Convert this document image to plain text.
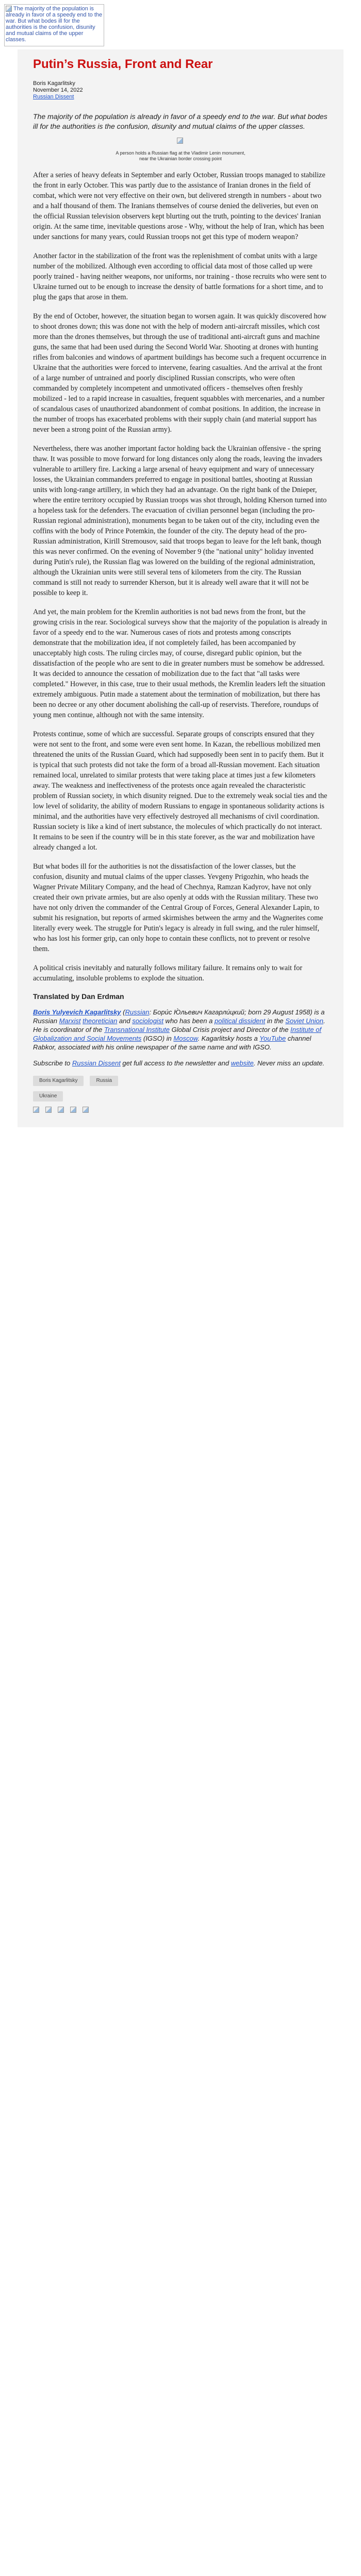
The majority of the population is already in favor of a speedy end to the war. But what bodes ill for the authorities is the confusion, disunity and mutual claims of the upper classes.
Putin’s Russia, Front and Rear
Boris Kagarlitsky
November 14, 2022
Russian Dissent

The majority of the population is already in favor of a speedy end to the war. But what bodes ill for the authorities is the confusion, disunity and mutual claims of the upper classes.

A person holds a Russian flag at the Vladimir Lenin monument, near the Ukrainian border crossing point

After a series of heavy defeats in September and early October, Russian troops managed to stabilize the front in early October. This was partly due to the assistance of Iranian drones in the field of combat, which were not very effective on their own, but delivered strength in numbers - about two and a half thousand of them. The Iranians themselves of course denied the deliveries, but even on the official Russian television observers kept blurting out the truth, pointing to the devices' Iranian origin. At the same time, inevitable questions arose - Why, without the help of Iran, which has been under sanctions for many years, could Russian troops not get this type of modern weapon?

Another factor in the stabilization of the front was the replenishment of combat units with a large number of the mobilized. Although even according to official data most of those called up were poorly trained - having neither weapons, nor uniforms, nor training - those recruits who were sent to Ukraine turned out to be enough to increase the density of battle formations for a short time, and to plug the gaps that arose in them.

By the end of October, however, the situation began to worsen again. It was quickly discovered how to shoot drones down; this was done not with the help of modern anti-aircraft missiles, which cost more than the drones themselves, but through the use of traditional anti-aircraft guns and machine guns, the same that had been used during the Second World War. Shooting at drones with hunting rifles from balconies and windows of apartment buildings has become such a frequent occurrence in Ukraine that the authorities were forced to intervene, fearing casualties. And the arrival at the front of a large number of untrained and poorly disciplined Russian conscripts, who were often commanded by completely incompetent and unmotivated officers - themselves often freshly mobilized - led to a rapid increase in casualties, frequent squabbles with mercenaries, and a number of scandalous cases of unauthorized abandonment of combat positions. In addition, the increase in the number of troops has exacerbated problems with their supply chain (and material support has never been a strong point of the Russian army).

Nevertheless, there was another important factor holding back the Ukrainian offensive - the spring thaw. It was possible to move forward for long distances only along the roads, leaving the invaders vulnerable to artillery fire. Lacking a large arsenal of heavy equipment and wary of unnecessary losses, the Ukrainian commanders preferred to engage in positional battles, shooting at Russian units with long-range artillery, in which they had an advantage. On the right bank of the Dnieper, where the entire territory occupied by Russian troops was shot through, holding Kherson turned into a hopeless task for the defenders. The evacuation of civilian personnel began (including the pro-Russian regional administration), monuments began to be taken out of the city, including even the coffins with the body of Prince Potemkin, the founder of the city. The deputy head of the pro-Russian administration, Kirill Stremousov, said that troops began to leave for the left bank, though this was never confirmed. On the evening of November 9 (the "national unity" holiday invented during Putin's rule), the Russian flag was lowered on the building of the regional administration, although the Ukrainian units were still several tens of kilometers from the city. The Russian command is still not ready to surrender Kherson, but it is already well aware that it will not be possible to keep it.

And yet, the main problem for the Kremlin authorities is not bad news from the front, but the growing crisis in the rear. Sociological surveys show that the majority of the population is already in favor of a speedy end to the war. Numerous cases of riots and protests among conscripts demonstrate that the mobilization idea, if not completely failed, has been accompanied by unacceptably high costs. The ruling circles may, of course, disregard public opinion, but the dissatisfaction of the people who are sent to die in greater numbers must be somehow be addressed. It was decided to announce the cessation of mobilization due to the fact that "all tasks were completed." However, in this case, true to their usual methods, the Kremlin leaders left the situation extremely ambiguous. Putin made a statement about the termination of mobilization, but there has been no decree or any other document abolishing the call-up of reservists. Therefore, roundups of young men continue, although not with the same intensity.

Protests continue, some of which are successful. Separate groups of conscripts ensured that they were not sent to the front, and some were even sent home. In Kazan, the rebellious mobilized men threatened the units of the Russian Guard, which had supposedly been sent in to pacify them. But it is typical that such protests did not take the form of a broad all-Russian movement. Each situation remained local, unrelated to similar protests that were taking place at times just a few kilometers away. The weakness and ineffectiveness of the protests once again revealed the characteristic problem of Russian society, in which disunity reigned. Due to the extremely weak social ties and the low level of solidarity, the ability of modern Russians to engage in spontaneous solidarity actions is minimal, and the authorities have very effectively destroyed all mechanisms of civil coordination. Russian society is like a kind of inert substance, the molecules of which practically do not interact. It remains to be seen if the country will be in this state forever, as the war and mobilization have already changed a lot.

But what bodes ill for the authorities is not the dissatisfaction of the lower classes, but the confusion, disunity and mutual claims of the upper classes. Yevgeny Prigozhin, who heads the Wagner Private Military Company, and the head of Chechnya, Ramzan Kadyrov, have not only created their own private armies, but are also openly at odds with the Russian military. These two have not only driven the commander of the Central Group of Forces, General Alexander Lapin, to submit his resignation, but reports of armed skirmishes between the army and the Wagnerites come literally every week. The struggle for Putin's legacy is already in full swing, and the ruler himself, who has lost his former grip, can only hope to contain these conflicts, not to prevent or resolve them.

A political crisis inevitably and naturally follows military failure. It remains only to wait for accumulating, insoluble problems to explode the situation.

Translated by Dan Erdman

Boris Yulyevich Kagarlitsky (Russian: Бори́с Ю́льевич Кагарли́цкий; born 29 August 1958) is a Russian Marxist theoretician and sociologist who has been a political dissident in the Soviet Union. He is coordinator of the Transnational Institute Global Crisis project and Director of the Institute of Globalization and Social Movements (IGSO) in Moscow. Kagarlitsky hosts a YouTube channel Rabkor, associated with his online newspaper of the same name and with IGSO.

Subscribe to Russian Dissent get full access to the newsletter and website. Never miss an update.

Boris Kagarlitsky	Russia
Ukraine
